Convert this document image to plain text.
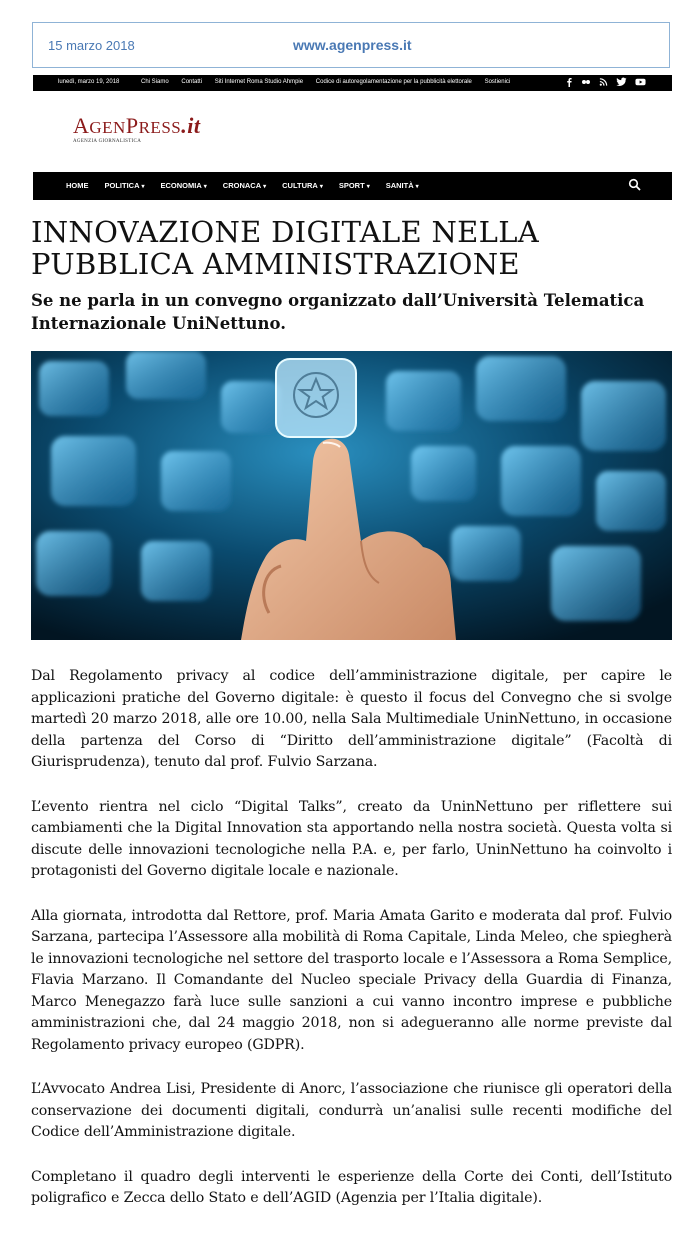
15 marzo 2018	www.agenpress.it
lunedì, marzo 19, 2018	Chi Siamo Contatti Siti Internet Roma Studio Ahmpie Codice di autoregolamentazione per la pubblicità elettorale Sostienici
AGENPRESS.it
AGENZIA GIORNALISTICA
HOME POLITICA ▾ ECONOMIA ▾ CRONACA ▾ CULTURA ▾ SPORT ▾ SANITÀ ▾
INNOVAZIONE DIGITALE NELLA PUBBLICA AMMINISTRAZIONE
Se ne parla in un convegno organizzato dall’Università Telematica Internazionale UniNettuno.

Dal Regolamento privacy al codice dell’amministrazione digitale, per capire le applicazioni pratiche del Governo digitale: è questo il focus del Convegno che si svolge martedì 20 marzo 2018, alle ore 10.00, nella Sala Multimediale UninNettuno, in occasione della partenza del Corso di “Diritto dell’amministrazione digitale” (Facoltà di Giurisprudenza), tenuto dal prof. Fulvio Sarzana.

L’evento rientra nel ciclo “Digital Talks”, creato da UninNettuno per riflettere sui cambiamenti che la Digital Innovation sta apportando nella nostra società. Questa volta si discute delle innovazioni tecnologiche nella P.A. e, per farlo, UninNettuno ha coinvolto i protagonisti del Governo digitale locale e nazionale.

Alla giornata, introdotta dal Rettore, prof. Maria Amata Garito e moderata dal prof. Fulvio Sarzana, partecipa l’Assessore alla mobilità di Roma Capitale, Linda Meleo, che spiegherà le innovazioni tecnologiche nel settore del trasporto locale e l’Assessora a Roma Semplice, Flavia Marzano. Il Comandante del Nucleo speciale Privacy della Guardia di Finanza, Marco Menegazzo farà luce sulle sanzioni a cui vanno incontro imprese e pubbliche amministrazioni che, dal 24 maggio 2018, non si adegueranno alle norme previste dal Regolamento privacy europeo (GDPR).

L’Avvocato Andrea Lisi, Presidente di Anorc, l’associazione che riunisce gli operatori della conservazione dei documenti digitali, condurrà un’analisi sulle recenti modifiche del Codice dell’Amministrazione digitale.

Completano il quadro degli interventi le esperienze della Corte dei Conti, dell’Istituto poligrafico e Zecca dello Stato e dell’AGID (Agenzia per l’Italia digitale).
